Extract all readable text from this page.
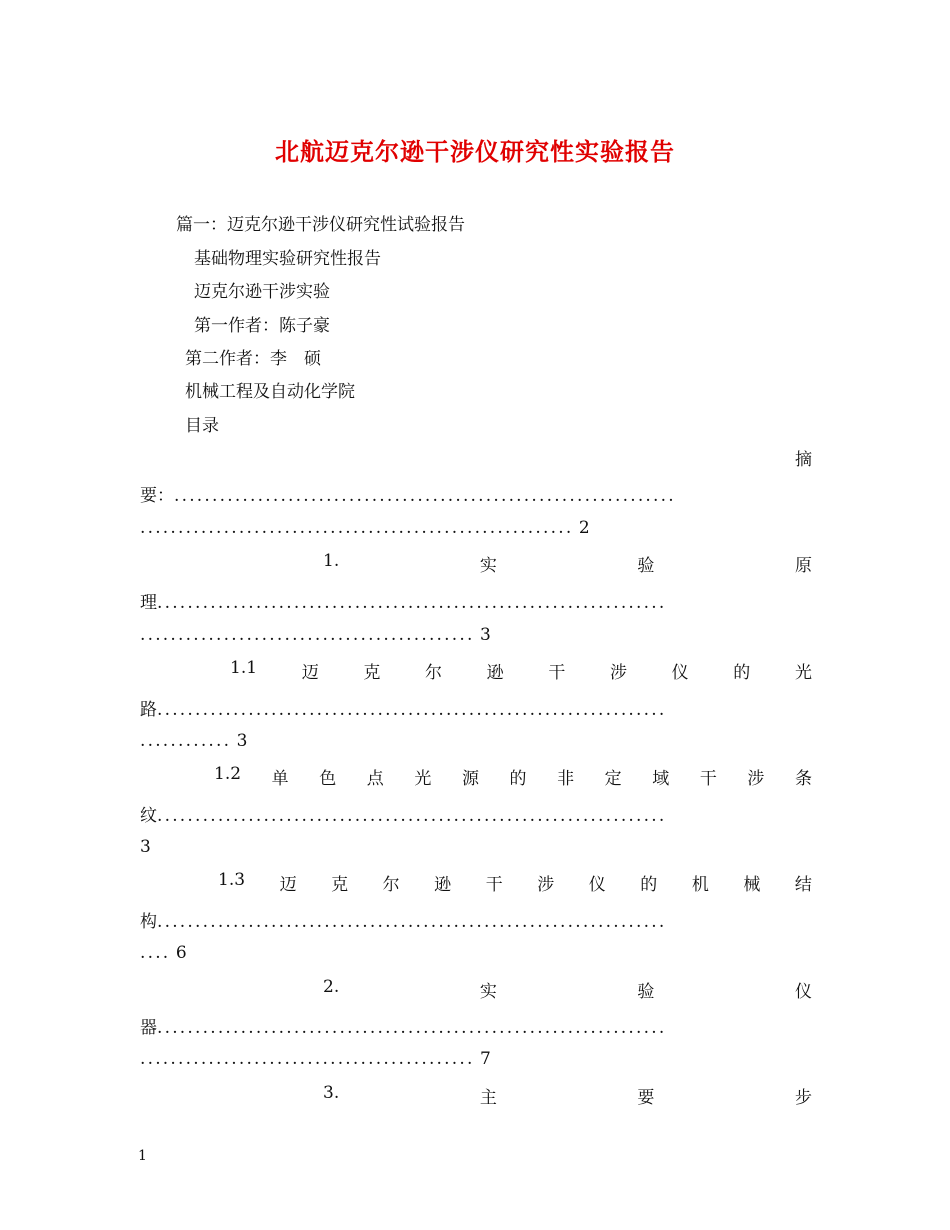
北航迈克尔逊干涉仪研究性实验报告
篇一：迈克尔逊干涉仪研究性试验报告
基础物理实验研究性报告
迈克尔逊干涉实验
第一作者：陈子豪
第二作者：李　硕
机械工程及自动化学院
目录
摘
要：..................................................................
......................................................... 2
1.	实	验	原
理...................................................................
............................................ 3
1.1	迈	克	尔	逊	干	涉	仪	的	光
路...................................................................
............ 3
1.2 单 色 点 光 源 的 非 定 域 干 涉 条
纹...................................................................
3
1.3 迈 克 尔 逊 干 涉 仪 的 机 械 结
构...................................................................
.... 6
2.	实	验	仪
器...................................................................
............................................ 7
3.	主	要	步
1
